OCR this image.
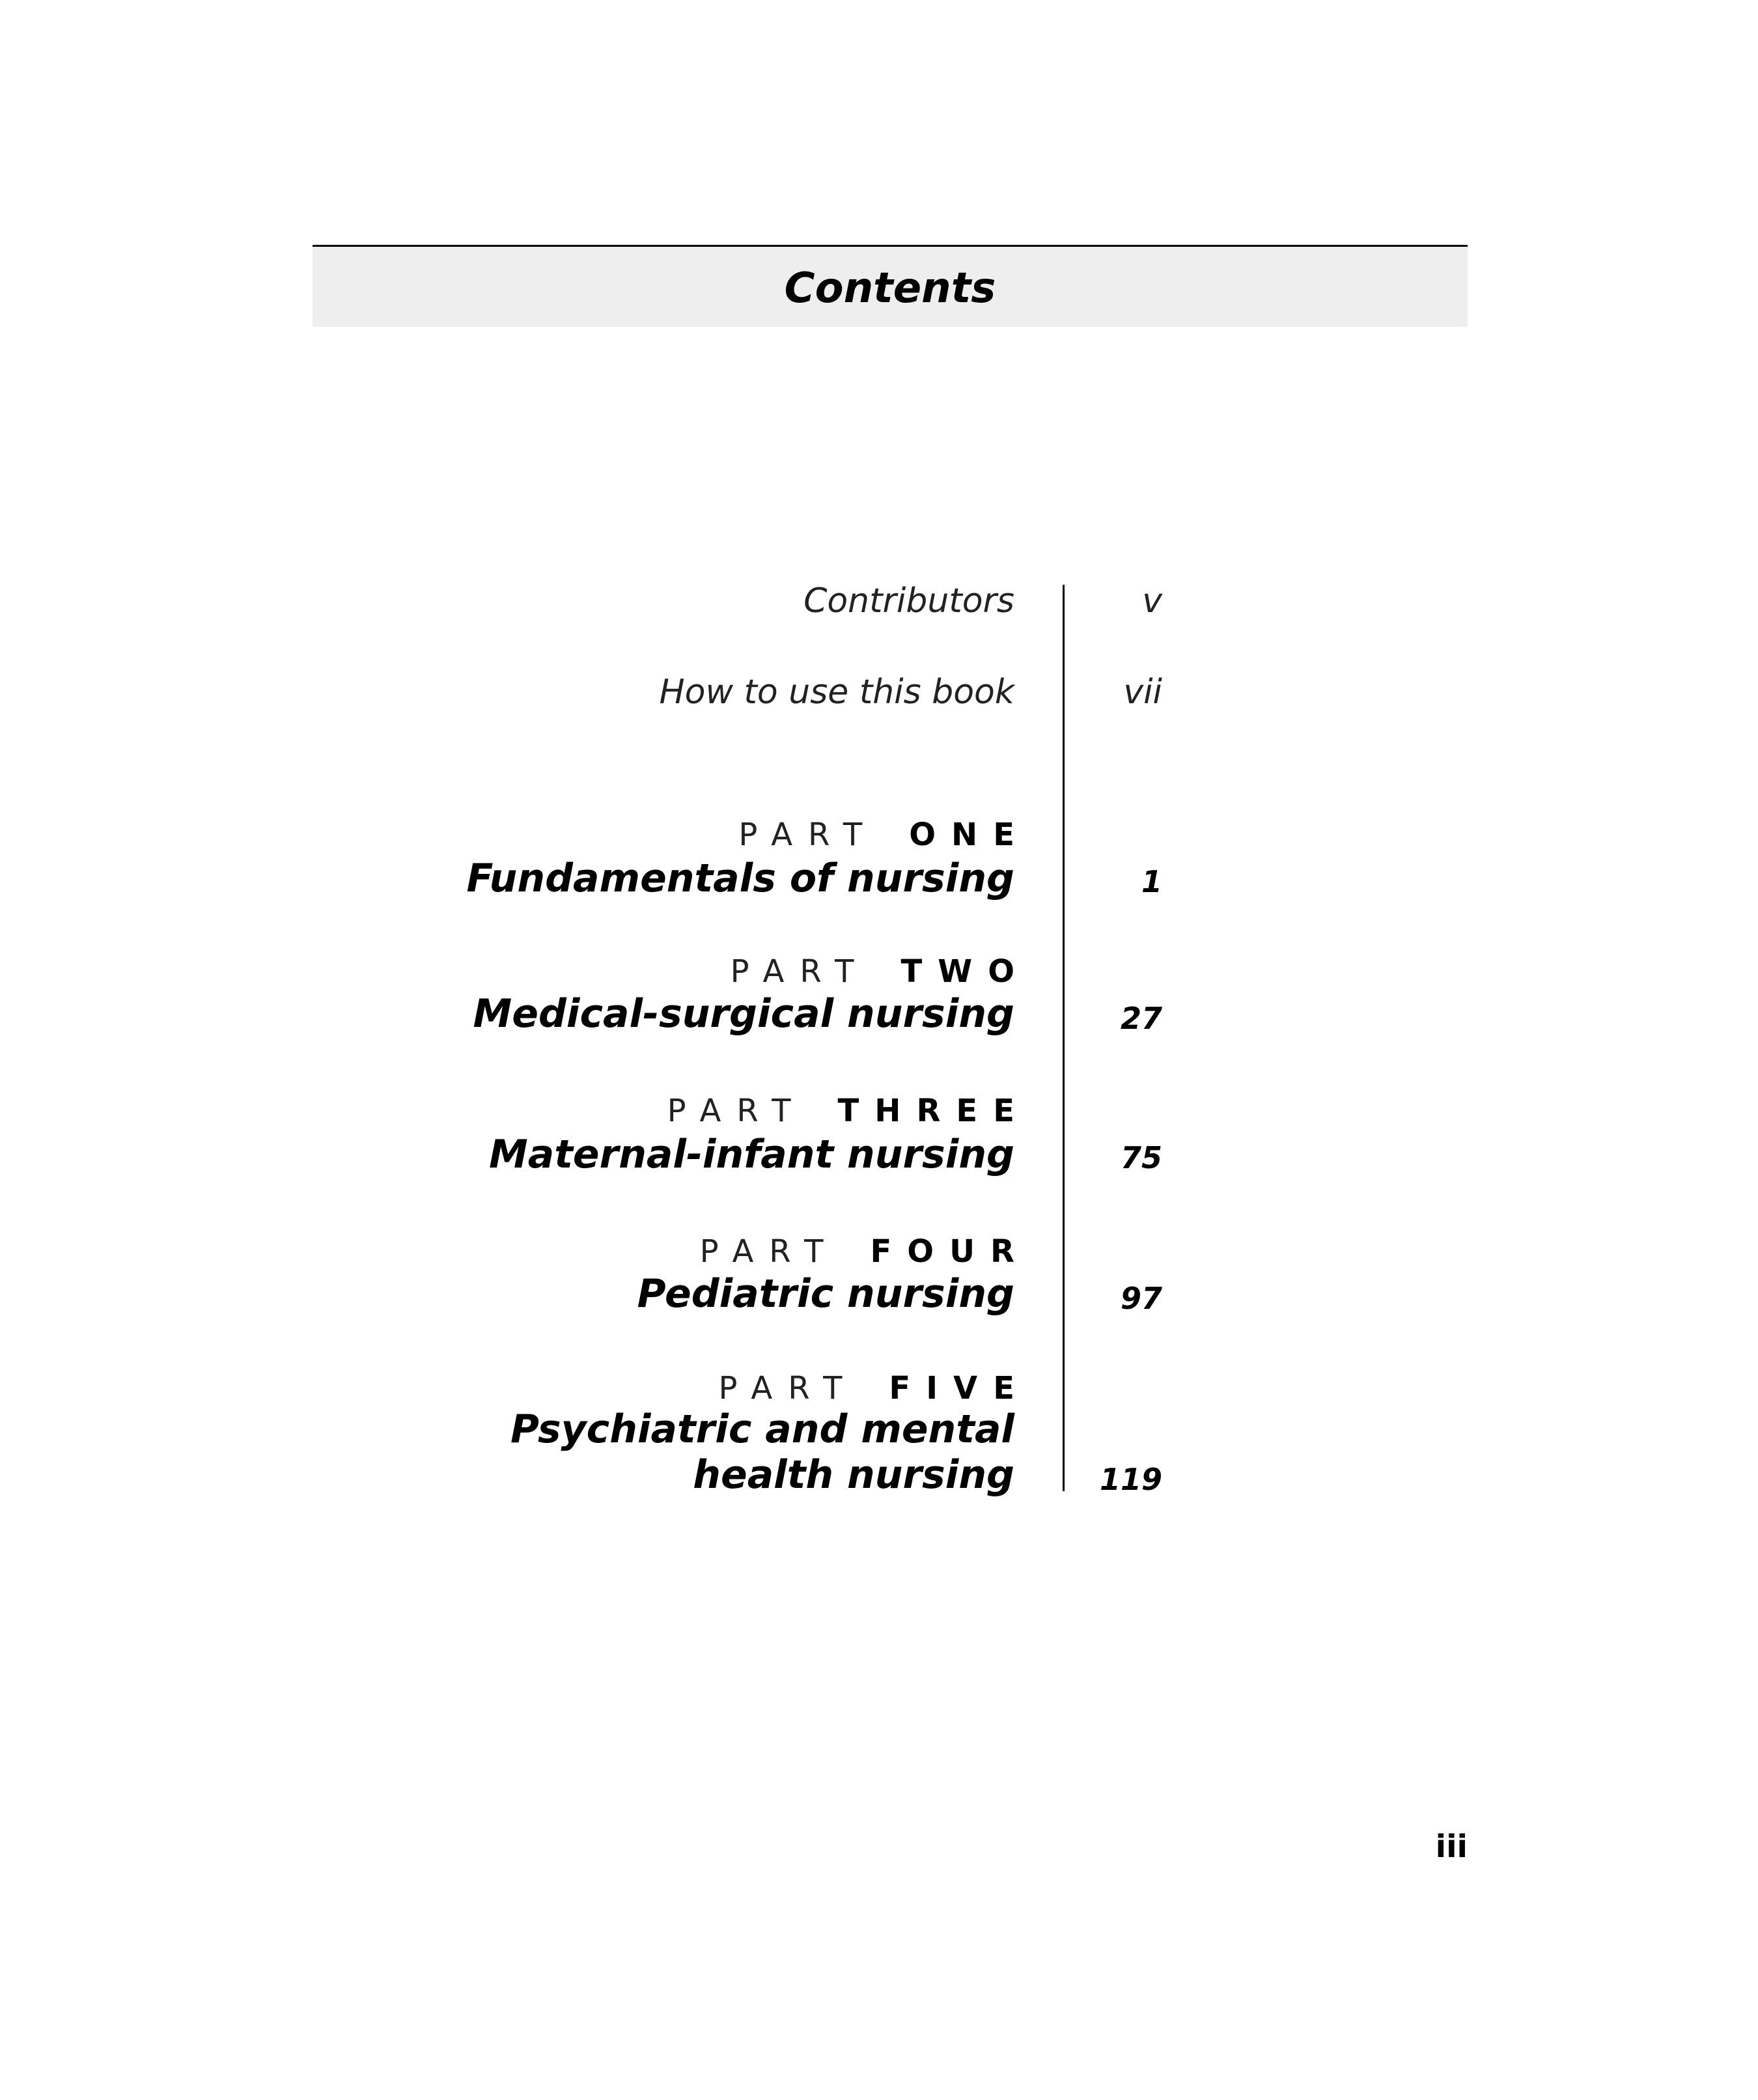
Contents
Contributors	v
How to use this book	vii
PART ONE
Fundamentals of nursing	1
PART TWO
Medical-surgical nursing	27
PART THREE
Maternal-infant nursing	75
PART FOUR
Pediatric nursing	97
PART FIVE
Psychiatric and mental
health nursing	119
iii
